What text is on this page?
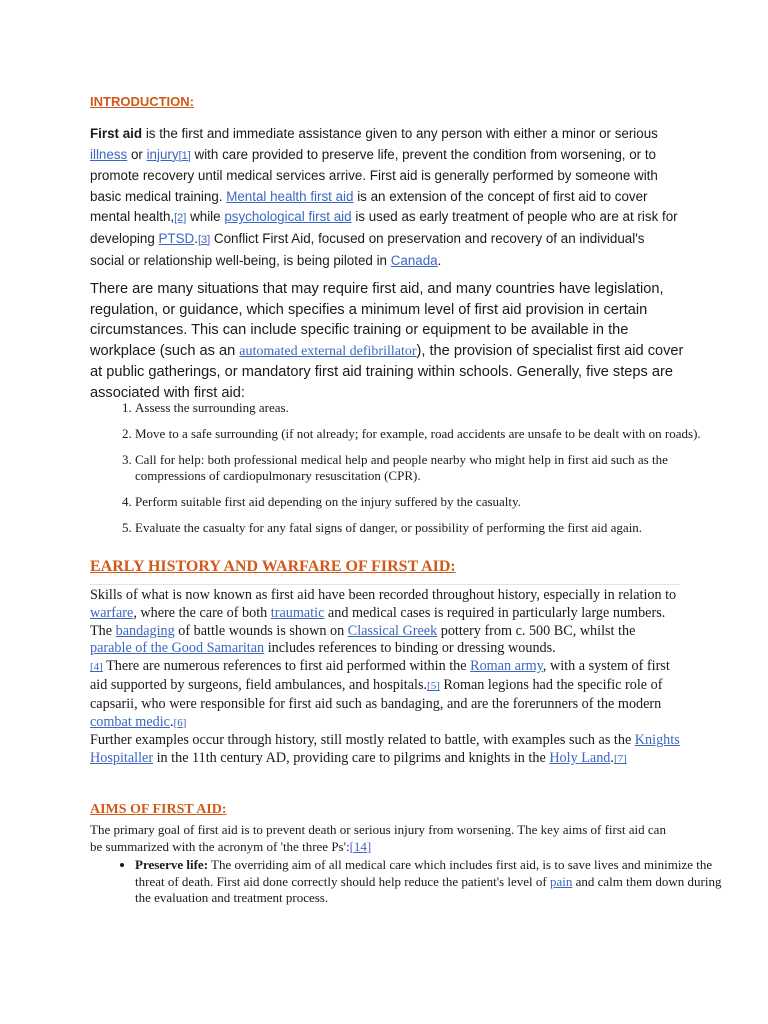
INTRODUCTION:

First aid is the first and immediate assistance given to any person with either a minor or serious illness or injury[1] with care provided to preserve life, prevent the condition from worsening, or to promote recovery until medical services arrive. First aid is generally performed by someone with basic medical training. Mental health first aid is an extension of the concept of first aid to cover mental health,[2] while psychological first aid is used as early treatment of people who are at risk for developing PTSD.[3] Conflict First Aid, focused on preservation and recovery of an individual's social or relationship well-being, is being piloted in Canada.

There are many situations that may require first aid, and many countries have legislation, regulation, or guidance, which specifies a minimum level of first aid provision in certain circumstances. This can include specific training or equipment to be available in the workplace (such as an automated external defibrillator), the provision of specialist first aid cover at public gatherings, or mandatory first aid training within schools. Generally, five steps are associated with first aid:

1. Assess the surrounding areas.
2. Move to a safe surrounding (if not already; for example, road accidents are unsafe to be dealt with on roads).
3. Call for help: both professional medical help and people nearby who might help in first aid such as the compressions of cardiopulmonary resuscitation (CPR).
4. Perform suitable first aid depending on the injury suffered by the casualty.
5. Evaluate the casualty for any fatal signs of danger, or possibility of performing the first aid again.
EARLY HISTORY AND WARFARE OF FIRST AID:

Skills of what is now known as first aid have been recorded throughout history, especially in relation to warfare, where the care of both traumatic and medical cases is required in particularly large numbers. The bandaging of battle wounds is shown on Classical Greek pottery from c. 500 BC, whilst the parable of the Good Samaritan includes references to binding or dressing wounds.
[4] There are numerous references to first aid performed within the Roman army, with a system of first aid supported by surgeons, field ambulances, and hospitals.[5] Roman legions had the specific role of capsarii, who were responsible for first aid such as bandaging, and are the forerunners of the modern combat medic.[6]
Further examples occur through history, still mostly related to battle, with examples such as the Knights Hospitaller in the 11th century AD, providing care to pilgrims and knights in the Holy Land.[7]

AIMS OF FIRST AID:

The primary goal of first aid is to prevent death or serious injury from worsening. The key aims of first aid can be summarized with the acronym of 'the three Ps':[14]

• Preserve life: The overriding aim of all medical care which includes first aid, is to save lives and minimize the threat of death. First aid done correctly should help reduce the patient's level of pain and calm them down during the evaluation and treatment process.
